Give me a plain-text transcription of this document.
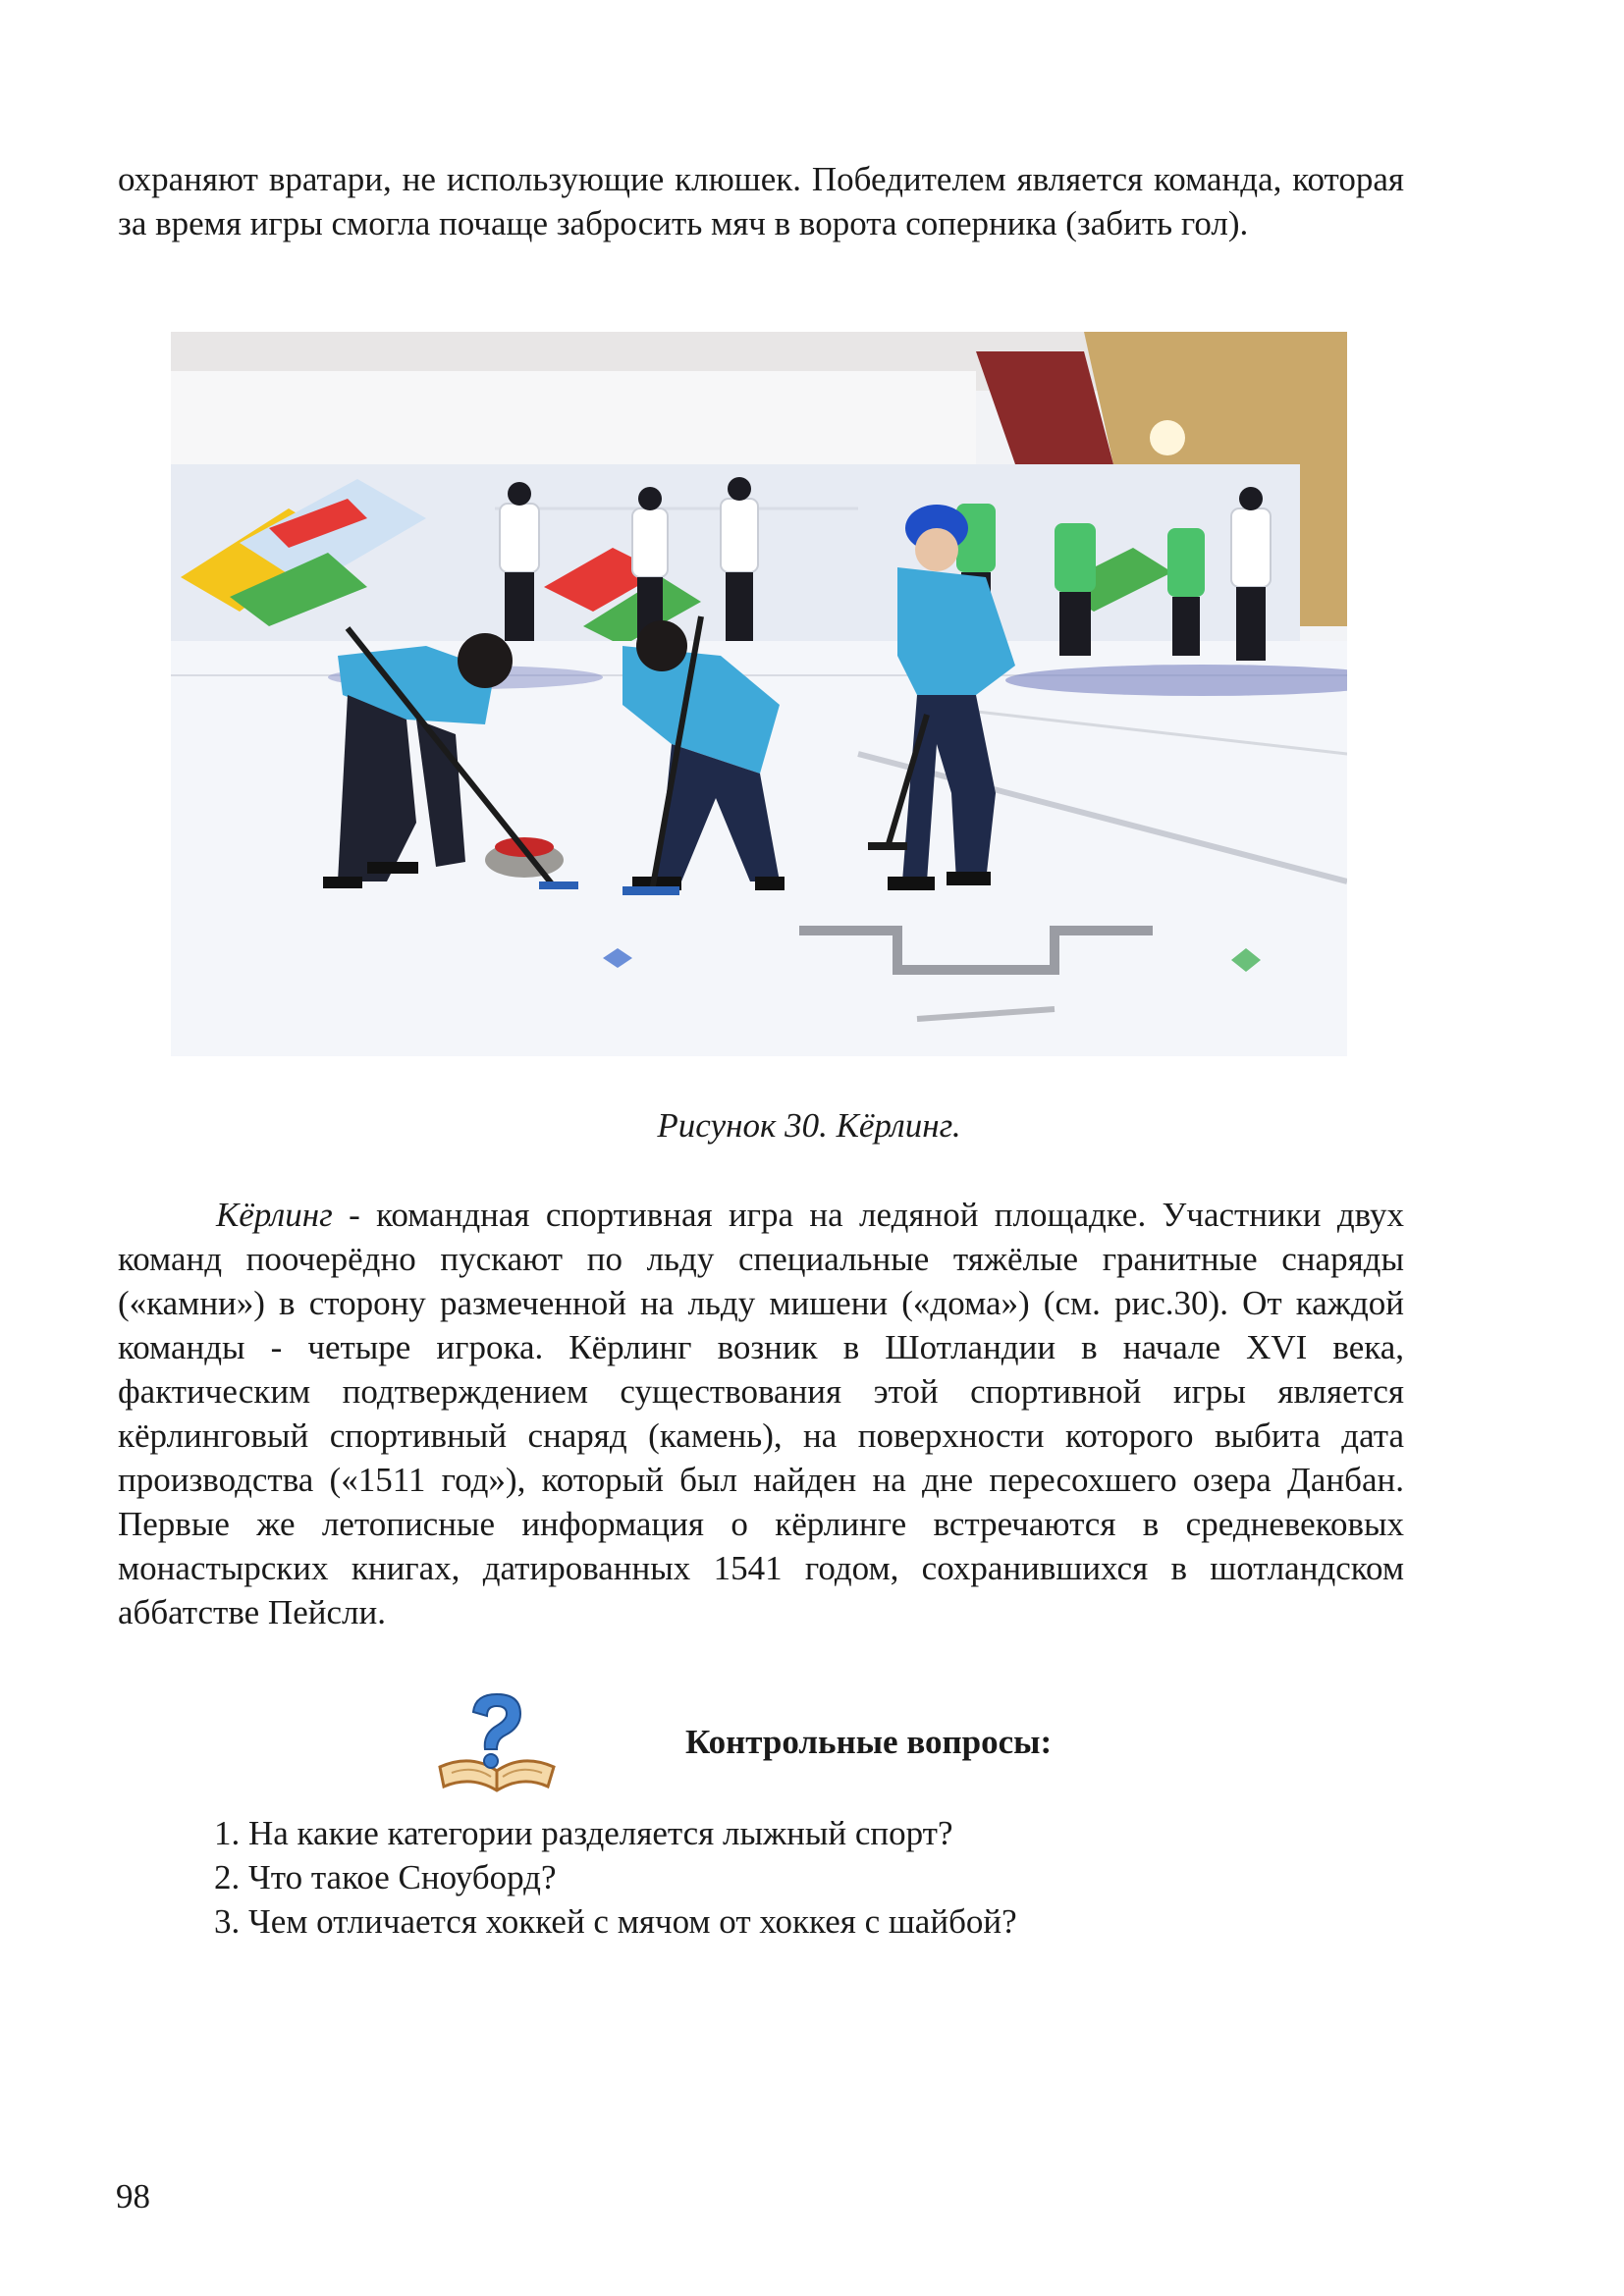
охраняют вратари, не использующие клюшек. Победителем является команда, которая за время игры смогла почаще забросить мяч в ворота соперника (забить гол).

Рисунок 30. Кёрлинг.

Кёрлинг - командная спортивная игра на ледяной площадке. Участники двух команд поочерёдно пускают по льду специальные тяжёлые гранитные снаряды («камни») в сторону размеченной на льду мишени («дома») (см. рис.30). От каждой команды - четыре игрока. Кёрлинг возник в Шотландии в начале XVI века, фактическим подтверждением существования этой спортивной игры является кёрлинговый спортивный снаряд (камень), на поверхности которого выбита дата производства («1511 год»), который был найден на дне пересохшего озера Данбан. Первые же летописные информация о кёрлинге встречаются в средневековых монастырских книгах, датированных 1541 годом, сохранившихся в шотландском аббатстве Пейсли.

Контрольные вопросы:

1. На какие категории разделяется лыжный спорт?
2. Что такое Сноуборд?
3. Чем отличается хоккей с мячом от хоккея с шайбой?

98
